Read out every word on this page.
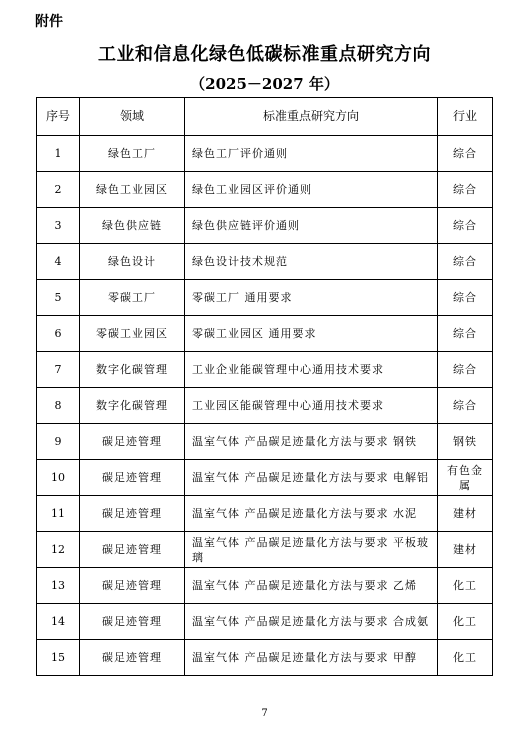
附件
工业和信息化绿色低碳标准重点研究方向
（2025－2027 年）
序号	领域	标准重点研究方向	行业
1	绿色工厂	绿色工厂评价通则	综合
2	绿色工业园区	绿色工业园区评价通则	综合
3	绿色供应链	绿色供应链评价通则	综合
4	绿色设计	绿色设计技术规范	综合
5	零碳工厂	零碳工厂 通用要求	综合
6	零碳工业园区	零碳工业园区 通用要求	综合
7	数字化碳管理	工业企业能碳管理中心通用技术要求	综合
8	数字化碳管理	工业园区能碳管理中心通用技术要求	综合
9	碳足迹管理	温室气体 产品碳足迹量化方法与要求 钢铁	钢铁
10	碳足迹管理	温室气体 产品碳足迹量化方法与要求 电解铝	有色金属
11	碳足迹管理	温室气体 产品碳足迹量化方法与要求 水泥	建材
12	碳足迹管理	温室气体 产品碳足迹量化方法与要求 平板玻璃	建材
13	碳足迹管理	温室气体 产品碳足迹量化方法与要求 乙烯	化工
14	碳足迹管理	温室气体 产品碳足迹量化方法与要求 合成氨	化工
15	碳足迹管理	温室气体 产品碳足迹量化方法与要求 甲醇	化工
7
